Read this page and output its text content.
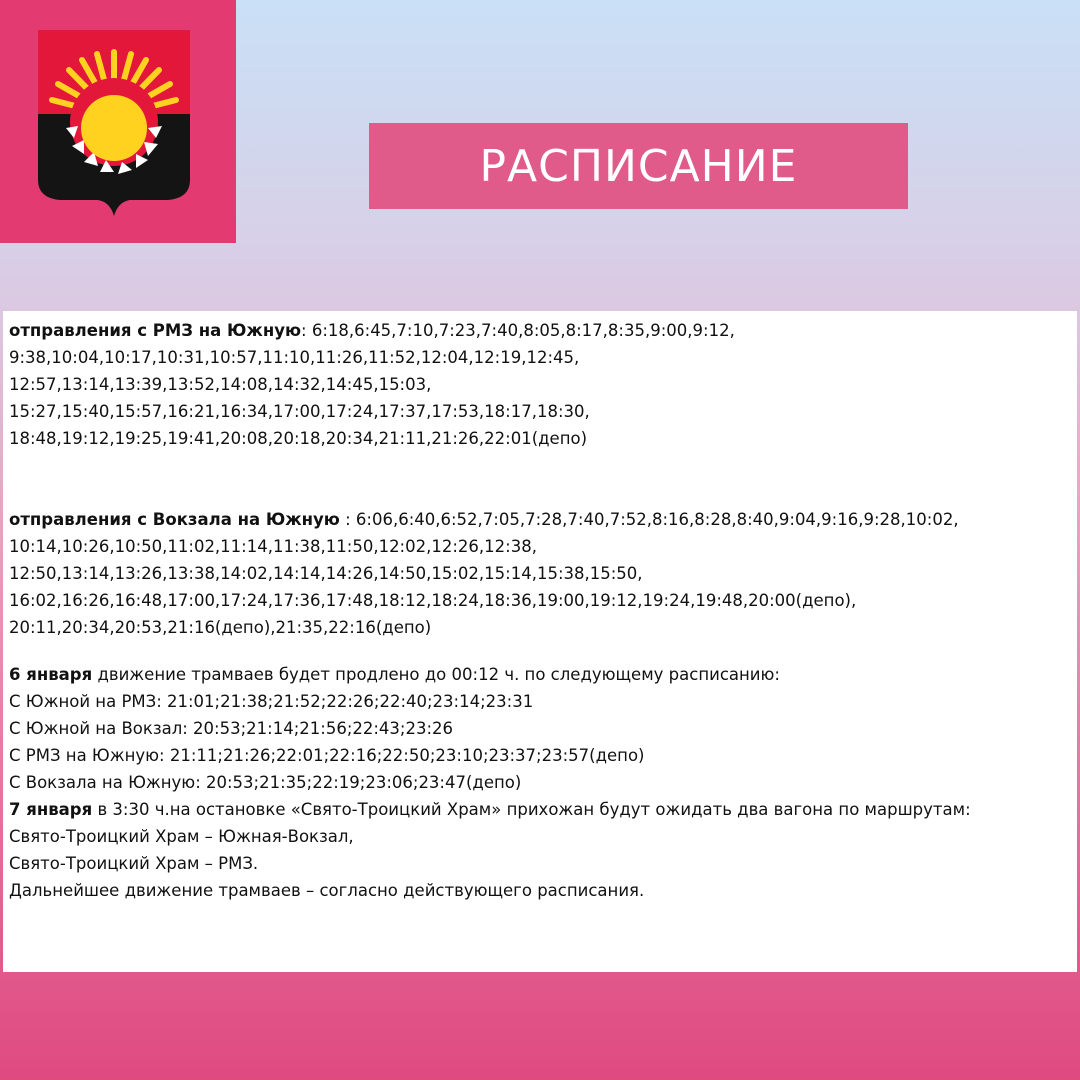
РАСПИСАНИЕ

отправления с РМЗ на Южную: 6:18,6:45,7:10,7:23,7:40,8:05,8:17,8:35,9:00,9:12,

9:38,10:04,10:17,10:31,10:57,11:10,11:26,11:52,12:04,12:19,12:45,

12:57,13:14,13:39,13:52,14:08,14:32,14:45,15:03,

15:27,15:40,15:57,16:21,16:34,17:00,17:24,17:37,17:53,18:17,18:30,

18:48,19:12,19:25,19:41,20:08,20:18,20:34,21:11,21:26,22:01(депо)

отправления с Вокзала на Южную : 6:06,6:40,6:52,7:05,7:28,7:40,7:52,8:16,8:28,8:40,9:04,9:16,9:28,10:02,

10:14,10:26,10:50,11:02,11:14,11:38,11:50,12:02,12:26,12:38,

12:50,13:14,13:26,13:38,14:02,14:14,14:26,14:50,15:02,15:14,15:38,15:50,

16:02,16:26,16:48,17:00,17:24,17:36,17:48,18:12,18:24,18:36,19:00,19:12,19:24,19:48,20:00(депо),

20:11,20:34,20:53,21:16(депо),21:35,22:16(депо)

6 января движение трамваев будет продлено до 00:12 ч. по следующему расписанию:

С Южной на РМЗ: 21:01;21:38;21:52;22:26;22:40;23:14;23:31

С Южной на Вокзал: 20:53;21:14;21:56;22:43;23:26

С РМЗ на Южную: 21:11;21:26;22:01;22:16;22:50;23:10;23:37;23:57(депо)

С Вокзала на Южную: 20:53;21:35;22:19;23:06;23:47(депо)

7 января в 3:30 ч.на остановке «Свято-Троицкий Храм» прихожан будут ожидать два вагона по маршрутам:

Свято-Троицкий Храм – Южная-Вокзал,

Свято-Троицкий Храм – РМЗ.

Дальнейшее движение трамваев – согласно действующего расписания.
